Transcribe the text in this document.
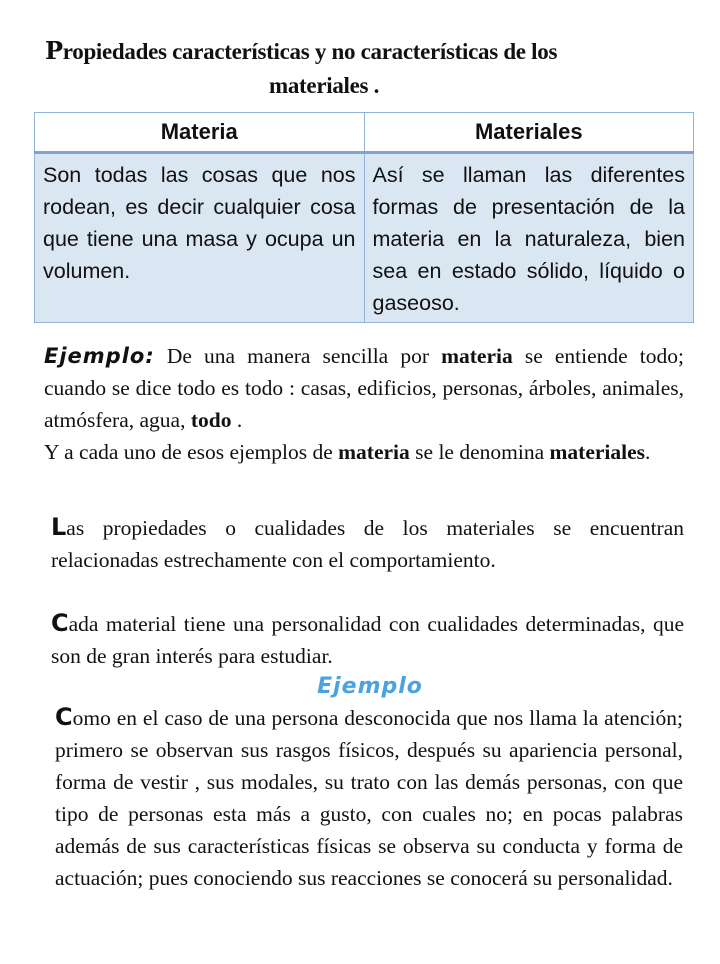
Propiedades características y no características de los
materiales .
Materia	Materiales
Son todas las cosas que nos rodean, es decir cualquier cosa que tiene una masa y ocupa un volumen.	Así se llaman las diferentes formas de presentación de la materia en la naturaleza, bien sea en estado sólido, líquido o gaseoso.
Ejemplo: De una manera sencilla por materia se entiende todo; cuando se dice todo es todo : casas, edificios, personas, árboles, animales, atmósfera, agua, todo .
Y a cada uno de esos ejemplos de materia se le denomina materiales.
Las propiedades o cualidades de los materiales se encuentran relacionadas estrechamente con el comportamiento.
Cada material tiene una personalidad con cualidades determinadas, que son de gran interés para estudiar.
Ejemplo
Como en el caso de una persona desconocida que nos llama la atención; primero se observan sus rasgos físicos, después su apariencia personal, forma de vestir , sus modales, su trato con las demás personas, con que tipo de personas esta más a gusto, con cuales no; en pocas palabras además de sus características físicas se observa su conducta y forma de actuación; pues conociendo sus reacciones se conocerá su personalidad.
